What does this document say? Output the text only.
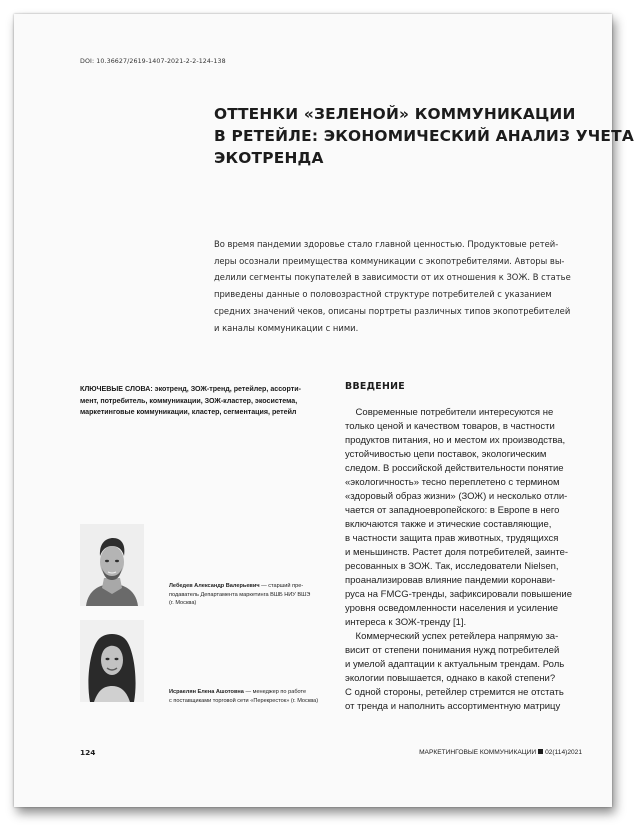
DOI: 10.36627/2619-1407-2021-2-2-124-138
ОТТЕНКИ «ЗЕЛЕНОЙ» КОММУНИКАЦИИ
В РЕТЕЙЛЕ: ЭКОНОМИЧЕСКИЙ АНАЛИЗ УЧЕТА
ЭКОТРЕНДА
Во время пандемии здоровье стало главной ценностью. Продуктовые ретей-
леры осознали преимущества коммуникации с экопотребителями. Авторы вы-
делили сегменты покупателей в зависимости от их отношения к ЗОЖ. В статье
приведены данные о половозрастной структуре потребителей с указанием
средних значений чеков, описаны портреты различных типов экопотребителей
и каналы коммуникации с ними.
КЛЮЧЕВЫЕ СЛОВА: экотренд, ЗОЖ-тренд, ретейлер, ассорти-
мент, потребитель, коммуникации, ЗОЖ-кластер, экосистема,
маркетинговые коммуникации, кластер, сегментация, ретейл
ВВЕДЕНИЕ
Современные потребители интересуются не
только ценой и качеством товаров, в частности
продуктов питания, но и местом их производства,
устойчивостью цепи поставок, экологическим
следом. В российской действительности понятие
«экологичность» тесно переплетено с термином
«здоровый образ жизни» (ЗОЖ) и несколько отли-
чается от западноевропейского: в Европе в него
включаются также и этические составляющие,
в частности защита прав животных, трудящихся
и меньшинств. Растет доля потребителей, заинте-
ресованных в ЗОЖ. Так, исследователи Nielsen,
проанализировав влияние пандемии коронави-
руса на FMCG-тренды, зафиксировали повышение
уровня осведомленности населения и усиление
интереса к ЗОЖ-тренду [1].
Коммерческий успех ретейлера напрямую за-
висит от степени понимания нужд потребителей
и умелой адаптации к актуальным трендам. Роль
экологии повышается, однако в какой степени?
С одной стороны, ретейлер стремится не отстать
от тренда и наполнить ассортиментную матрицу
Лебедев Александр Валерьевич — старший пре-
подаватель Департамента маркетинга ВШБ НИУ ВШЭ
(г. Москва)
Исраелян Елена Ашотовна — менеджер по работе
с поставщиками торговой сети «Перекресток» (г. Москва)
124	МАРКЕТИНГОВЫЕ КОММУНИКАЦИИ 02(114)2021
